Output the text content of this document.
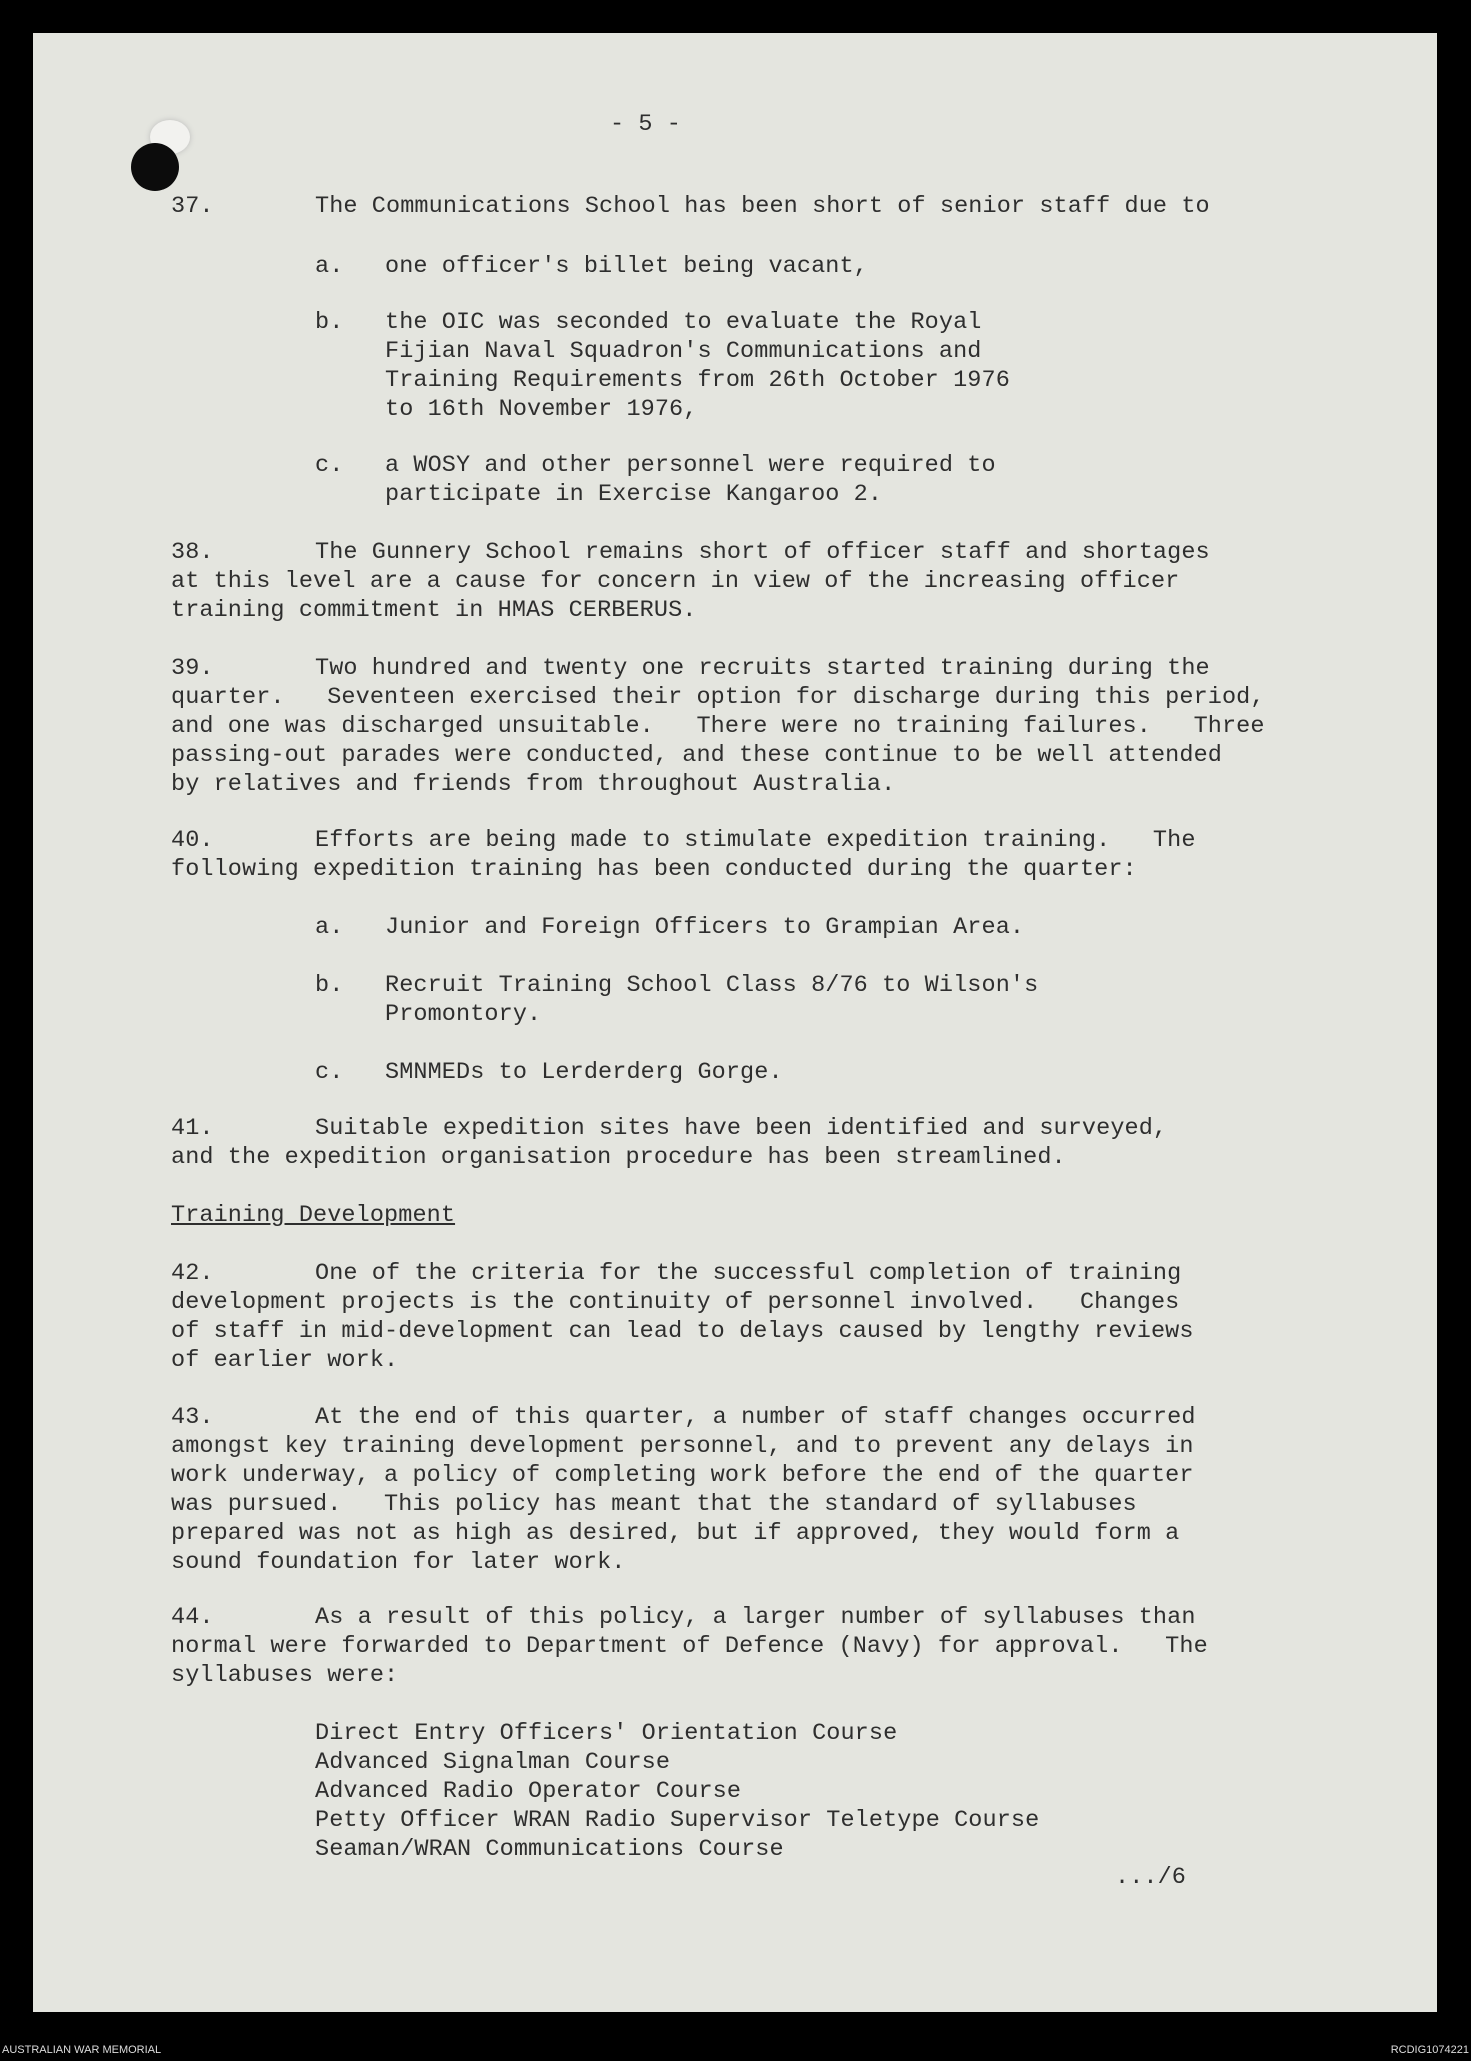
- 5 -
37.	The Communications School has been short of senior staff due to
a. one officer's billet being vacant,
b. the OIC was seconded to evaluate the Royal
Fijian Naval Squadron's Communications and
Training Requirements from 26th October 1976
to 16th November 1976,
c. a WOSY and other personnel were required to
participate in Exercise Kangaroo 2.
38.	The Gunnery School remains short of officer staff and shortages
at this level are a cause for concern in view of the increasing officer
training commitment in HMAS CERBERUS.
39.	Two hundred and twenty one recruits started training during the
quarter.   Seventeen exercised their option for discharge during this period,
and one was discharged unsuitable.   There were no training failures.   Three
passing-out parades were conducted, and these continue to be well attended
by relatives and friends from throughout Australia.
40.	Efforts are being made to stimulate expedition training.   The
following expedition training has been conducted during the quarter:
a. Junior and Foreign Officers to Grampian Area.
b. Recruit Training School Class 8/76 to Wilson's
Promontory.
c. SMNMEDs to Lerderderg Gorge.
41.	Suitable expedition sites have been identified and surveyed,
and the expedition organisation procedure has been streamlined.
Training Development
42.	One of the criteria for the successful completion of training
development projects is the continuity of personnel involved.   Changes
of staff in mid-development can lead to delays caused by lengthy reviews
of earlier work.
43.	At the end of this quarter, a number of staff changes occurred
amongst key training development personnel, and to prevent any delays in
work underway, a policy of completing work before the end of the quarter
was pursued.   This policy has meant that the standard of syllabuses
prepared was not as high as desired, but if approved, they would form a
sound foundation for later work.
44.	As a result of this policy, a larger number of syllabuses than
normal were forwarded to Department of Defence (Navy) for approval.   The
syllabuses were:
Direct Entry Officers' Orientation Course
Advanced Signalman Course
Advanced Radio Operator Course
Petty Officer WRAN Radio Supervisor Teletype Course
Seaman/WRAN Communications Course
.../6
AUSTRALIAN WAR MEMORIAL	RCDIG1074221
